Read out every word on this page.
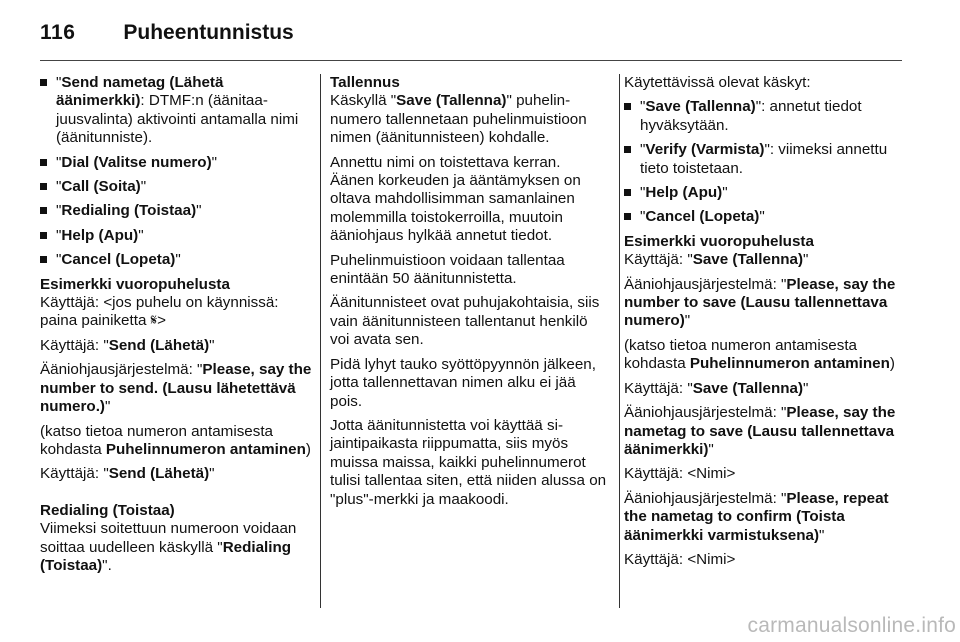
116 Puheentunnistus
"Send nametag (Lähetä äänimerkki): DTMF:n (äänitaajuusvalinta) aktivointi antamalla nimi (äänitunniste).
"Dial (Valitse numero)"
"Call (Soita)"
"Redialing (Toistaa)"
"Help (Apu)"
"Cancel (Lopeta)"

Esimerkki vuoropuhelusta

Käyttäjä: <jos puhelu on käynnissä: paina painiketta 𝄋>

Käyttäjä: "Send (Lähetä)"

Ääniohjausjärjestelmä: "Please, say the number to send. (Lausu lähetettävä numero.)"

(katso tietoa numeron antamisesta kohdasta Puhelinnumeron antaminen)

Käyttäjä: "Send (Lähetä)"

Redialing (Toistaa)

Viimeksi soitettuun numeroon voidaan soittaa uudelleen käskyllä "Redialing (Toistaa)".

Tallennus

Käskyllä "Save (Tallenna)" puhelinnumero tallennetaan puhelinmuistioon nimen (äänitunnisteen) kohdalle.

Annettu nimi on toistettava kerran. Äänen korkeuden ja ääntämyksen on oltava mahdollisimman samanlainen molemmilla toistokerroilla, muutoin ääniohjaus hylkää annetut tiedot.

Puhelinmuistioon voidaan tallentaa enintään 50 äänitunnistetta.

Äänitunnisteet ovat puhujakohtaisia, siis vain äänitunnisteen tallentanut henkilö voi avata sen.

Pidä lyhyt tauko syöttöpyynnön jälkeen, jotta tallennettavan nimen alku ei jää pois.

Jotta äänitunnistetta voi käyttää sijaintipaikasta riippumatta, siis myös muissa maissa, kaikki puhelinnumerot tulisi tallentaa siten, että niiden alussa on "plus"-merkki ja maakoodi.

Käytettävissä olevat käskyt:

"Save (Tallenna)": annetut tiedot hyväksytään.
"Verify (Varmista)": viimeksi annettu tieto toistetaan.
"Help (Apu)"
"Cancel (Lopeta)"

Esimerkki vuoropuhelusta

Käyttäjä: "Save (Tallenna)"

Ääniohjausjärjestelmä: "Please, say the number to save (Lausu tallennettava numero)"

(katso tietoa numeron antamisesta kohdasta Puhelinnumeron antaminen)

Käyttäjä: "Save (Tallenna)"

Ääniohjausjärjestelmä: "Please, say the nametag to save (Lausu tallennettava äänimerkki)"

Käyttäjä: <Nimi>

Ääniohjausjärjestelmä: "Please, repeat the nametag to confirm (Toista äänimerkki varmistuksena)"

Käyttäjä: <Nimi>

carmanualsonline.info
